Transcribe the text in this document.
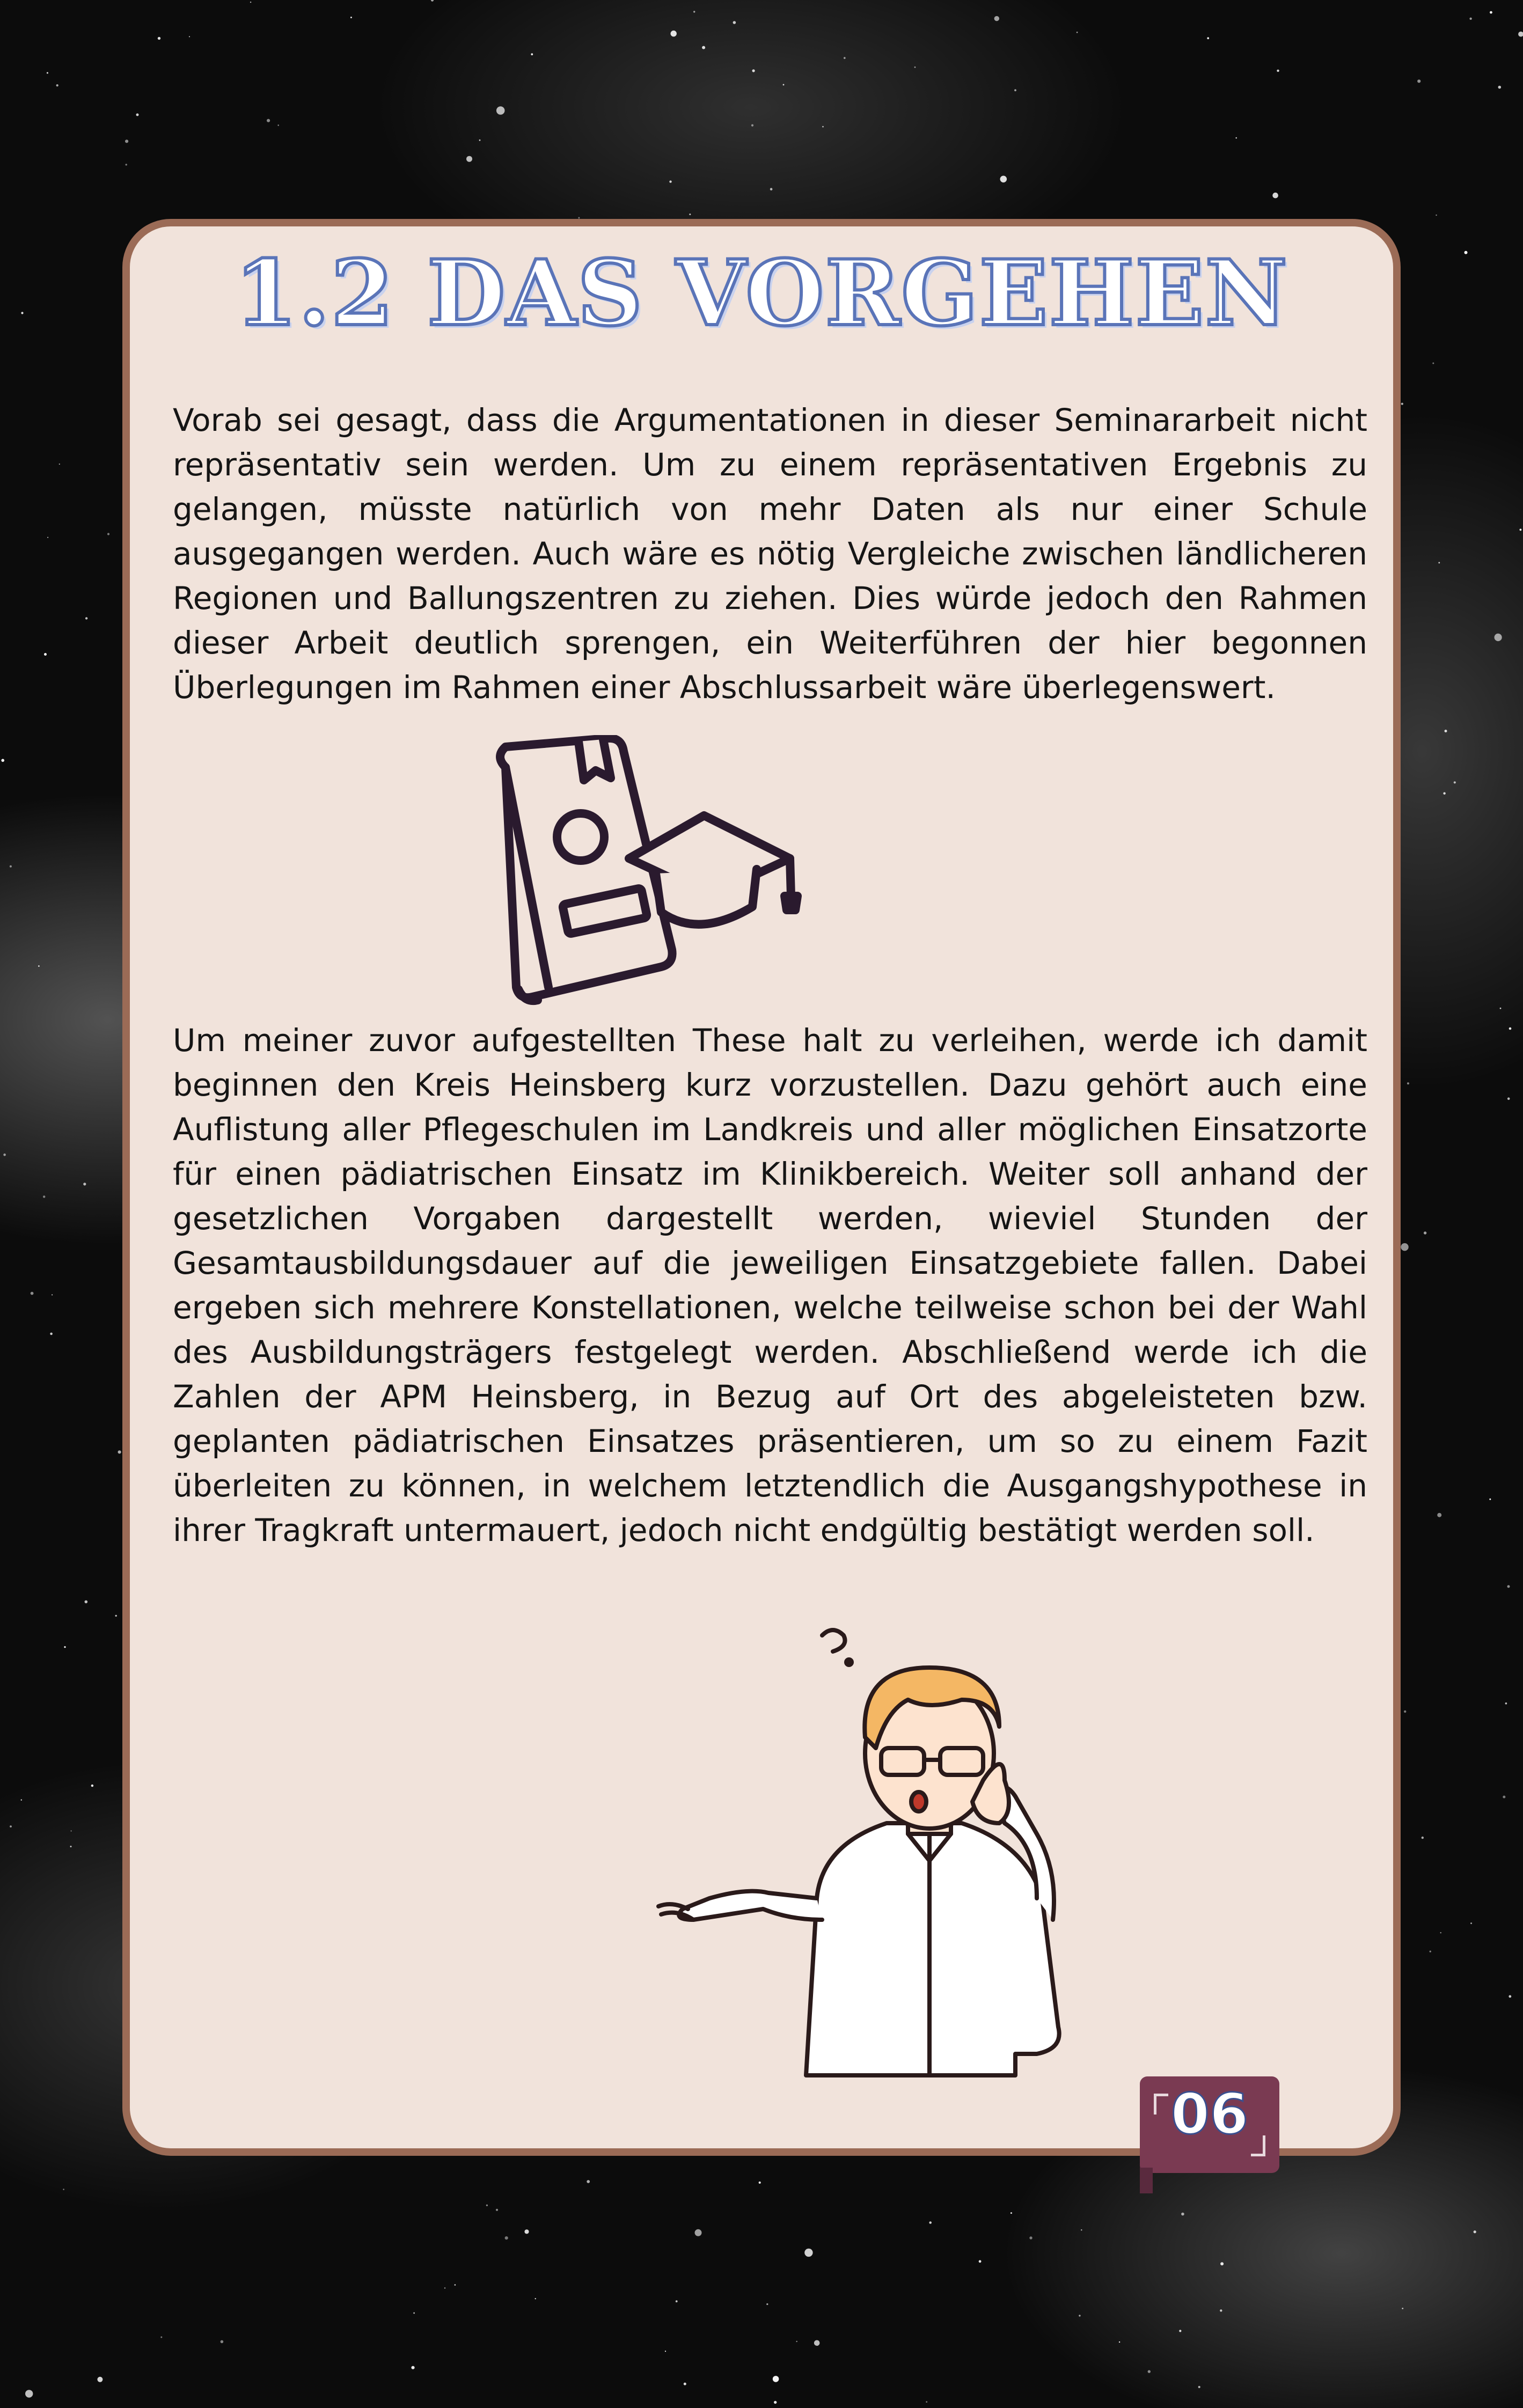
1.2 DAS VORGEHEN

Vorab sei gesagt, dass die Argumentationen in dieser Seminararbeit nicht repräsentativ sein werden. Um zu einem repräsentativen Ergebnis zu gelangen, müsste natürlich von mehr Daten als nur einer Schule ausgegangen werden. Auch wäre es nötig Vergleiche zwischen ländlicheren Regionen und Ballungszentren zu ziehen. Dies würde jedoch den Rahmen dieser Arbeit deutlich sprengen, ein Weiterführen der hier begonnen Überlegungen im Rahmen einer Abschlussarbeit wäre überlegenswert.

Um meiner zuvor aufgestellten These halt zu verleihen, werde ich damit beginnen den Kreis Heinsberg kurz vorzustellen. Dazu gehört auch eine Auflistung aller Pflegeschulen im Landkreis und aller möglichen Einsatzorte für einen pädiatrischen Einsatz im Klinikbereich. Weiter soll anhand der gesetzlichen Vorgaben dargestellt werden, wieviel Stunden der Gesamtausbildungsdauer auf die jeweiligen Einsatzgebiete fallen. Dabei ergeben sich mehrere Konstellationen, welche teilweise schon bei der Wahl des Ausbildungsträgers festgelegt werden. Abschließend werde ich die Zahlen der APM Heinsberg, in Bezug auf Ort des abgeleisteten bzw. geplanten pädiatrischen Einsatzes präsentieren, um so zu einem Fazit überleiten zu können, in welchem letztendlich die Ausgangshypothese in ihrer Tragkraft untermauert, jedoch nicht endgültig bestätigt werden soll.

06
